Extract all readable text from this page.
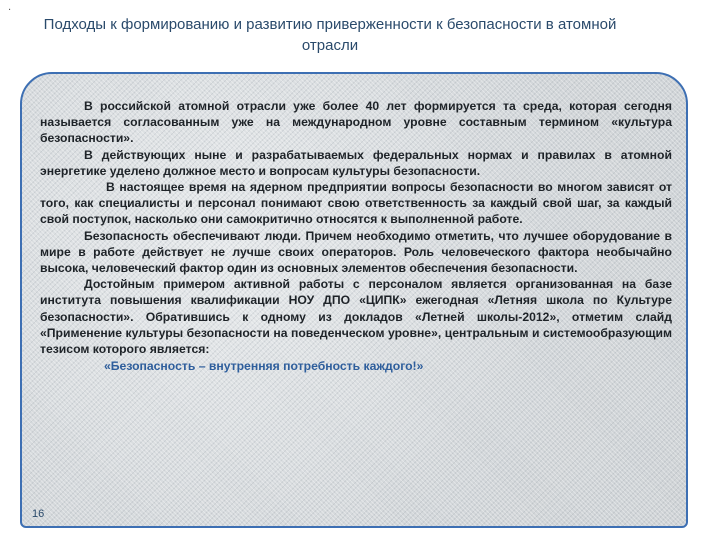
·
Подходы к формированию и развитию приверженности к безопасности в атомной отрасли

В российской атомной отрасли уже более 40 лет формируется та среда, которая сегодня называется согласованным уже на международном уровне составным термином «культура безопасности».

В действующих ныне и разрабатываемых федеральных нормах и правилах в атомной энергетике уделено должное место и вопросам культуры безопасности.

В настоящее время на ядерном предприятии вопросы безопасности во многом зависят от того, как специалисты и персонал понимают свою ответственность за каждый свой шаг, за каждый свой поступок, насколько они самокритично относятся к выполненной работе.

Безопасность обеспечивают люди. Причем необходимо отметить, что лучшее оборудование в мире в работе действует не лучше своих операторов. Роль человеческого фактора необычайно высока, человеческий фактор один из основных элементов обеспечения безопасности.

Достойным примером активной работы с персоналом является организованная на базе института повышения квалификации НОУ ДПО «ЦИПК» ежегодная «Летняя школа по Культуре безопасности». Обратившись к одному из докладов «Летней школы-2012», отметим слайд «Применение культуры безопасности на поведенческом уровне», центральным и системообразующим тезисом которого является:

«Безопасность – внутренняя потребность каждого!»
16
